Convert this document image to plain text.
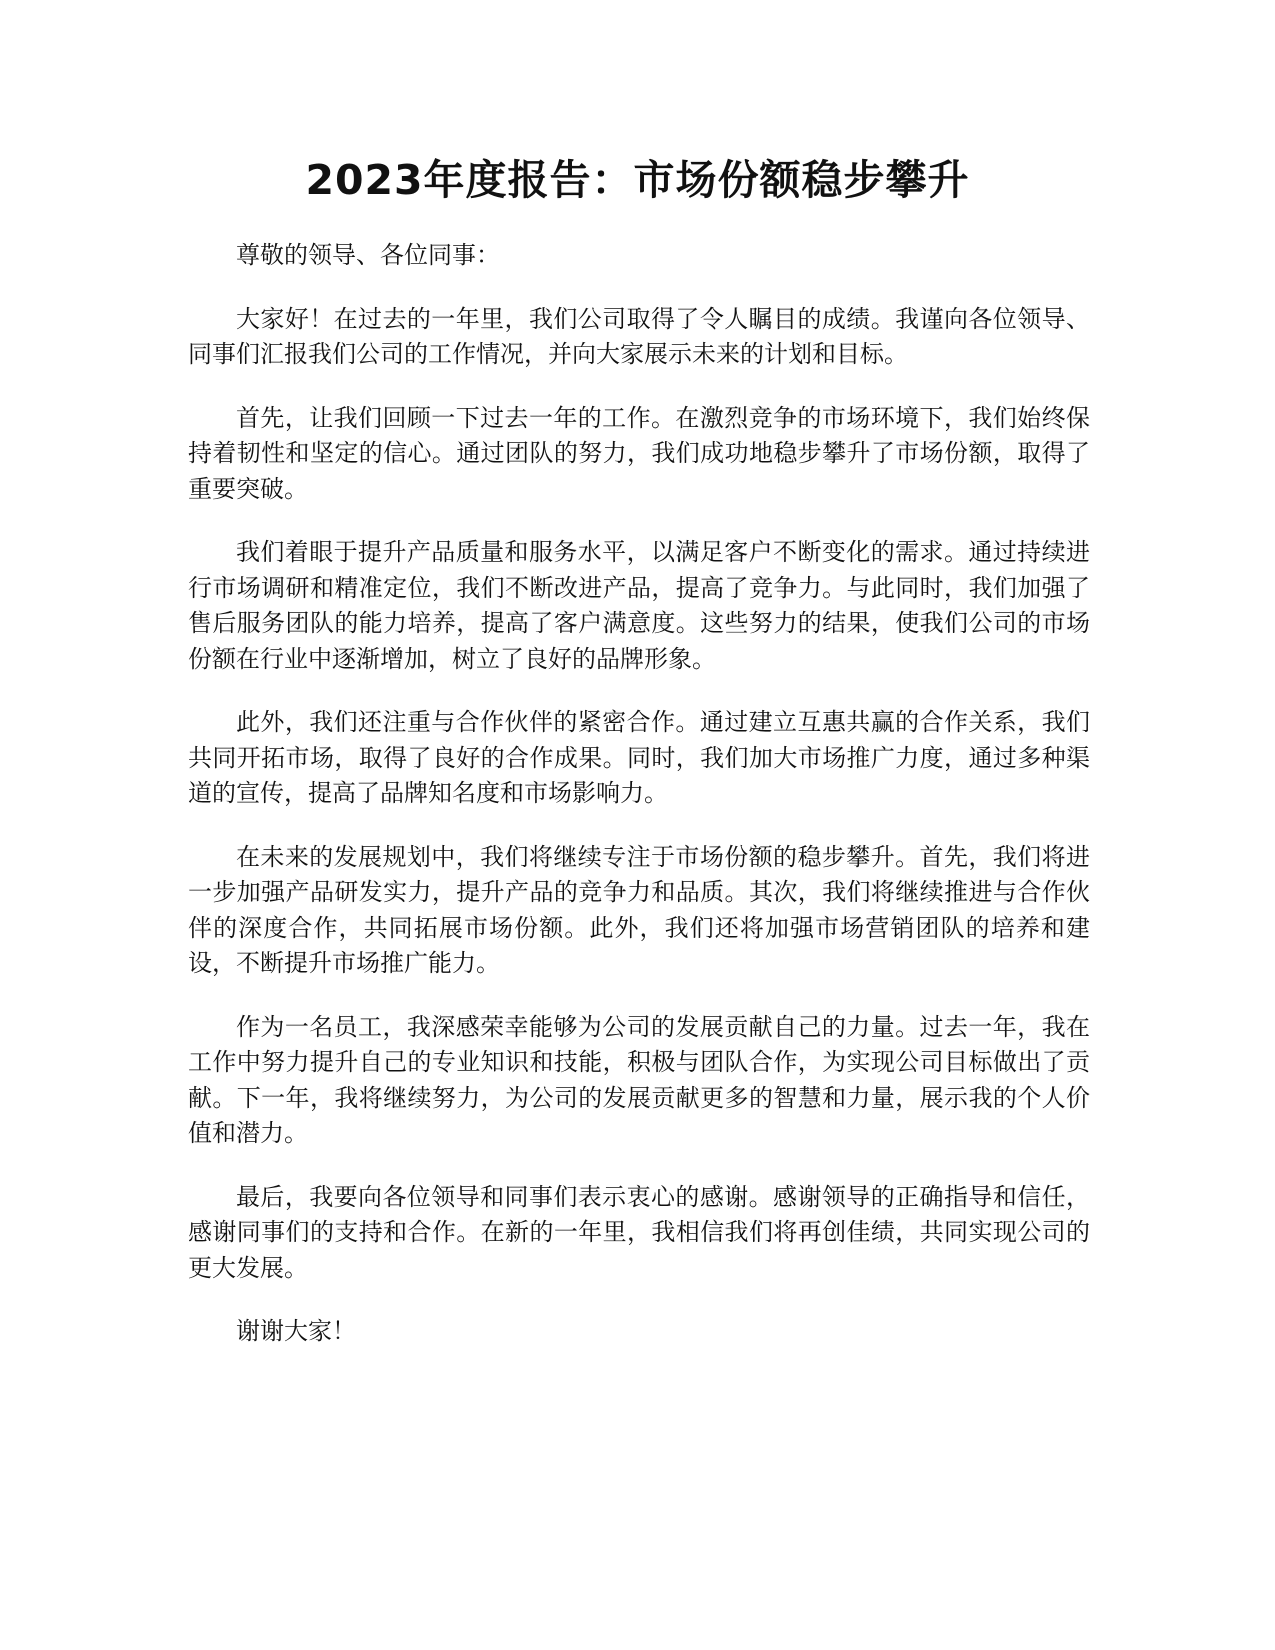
2023年度报告：市场份额稳步攀升

尊敬的领导、各位同事：

大家好！在过去的一年里，我们公司取得了令人瞩目的成绩。我谨向各位领导、同事们汇报我们公司的工作情况，并向大家展示未来的计划和目标。

首先，让我们回顾一下过去一年的工作。在激烈竞争的市场环境下，我们始终保持着韧性和坚定的信心。通过团队的努力，我们成功地稳步攀升了市场份额，取得了重要突破。

我们着眼于提升产品质量和服务水平，以满足客户不断变化的需求。通过持续进行市场调研和精准定位，我们不断改进产品，提高了竞争力。与此同时，我们加强了售后服务团队的能力培养，提高了客户满意度。这些努力的结果，使我们公司的市场份额在行业中逐渐增加，树立了良好的品牌形象。

此外，我们还注重与合作伙伴的紧密合作。通过建立互惠共赢的合作关系，我们共同开拓市场，取得了良好的合作成果。同时，我们加大市场推广力度，通过多种渠道的宣传，提高了品牌知名度和市场影响力。

在未来的发展规划中，我们将继续专注于市场份额的稳步攀升。首先，我们将进一步加强产品研发实力，提升产品的竞争力和品质。其次，我们将继续推进与合作伙伴的深度合作，共同拓展市场份额。此外，我们还将加强市场营销团队的培养和建设，不断提升市场推广能力。

作为一名员工，我深感荣幸能够为公司的发展贡献自己的力量。过去一年，我在工作中努力提升自己的专业知识和技能，积极与团队合作，为实现公司目标做出了贡献。下一年，我将继续努力，为公司的发展贡献更多的智慧和力量，展示我的个人价值和潜力。

最后，我要向各位领导和同事们表示衷心的感谢。感谢领导的正确指导和信任，感谢同事们的支持和合作。在新的一年里，我相信我们将再创佳绩，共同实现公司的更大发展。

谢谢大家！
